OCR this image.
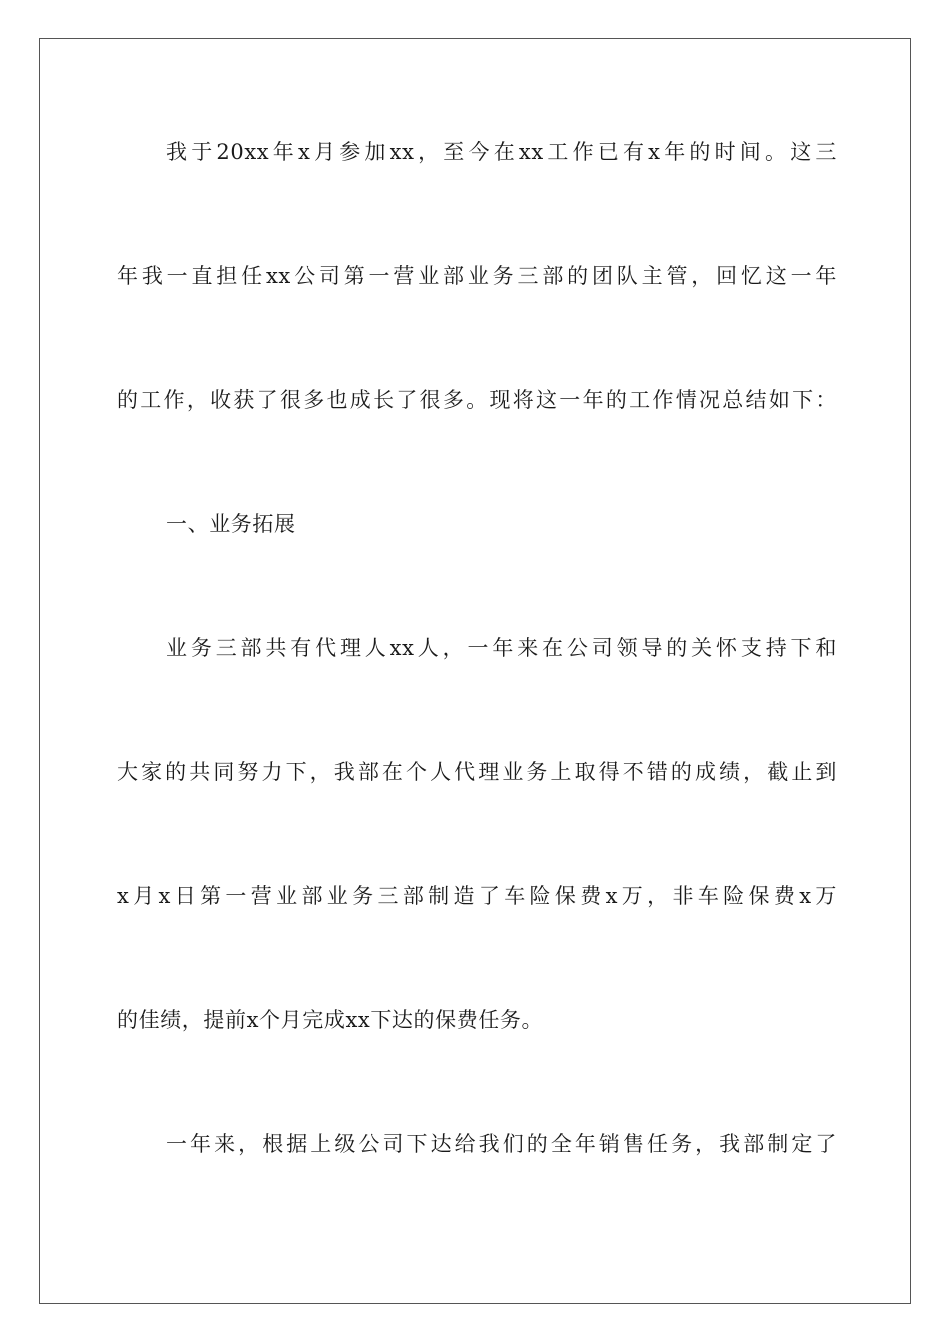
我于20xx年x月参加xx，至今在xx工作已有x年的时间。这三
年我一直担任xx公司第一营业部业务三部的团队主管，回忆这一年
的工作，收获了很多也成长了很多。现将这一年的工作情况总结如下：
一、业务拓展
业务三部共有代理人xx人，一年来在公司领导的关怀支持下和
大家的共同努力下，我部在个人代理业务上取得不错的成绩，截止到
x月x日第一营业部业务三部制造了车险保费x万，非车险保费x万
的佳绩，提前x个月完成xx下达的保费任务。
一年来，根据上级公司下达给我们的全年销售任务，我部制定了
